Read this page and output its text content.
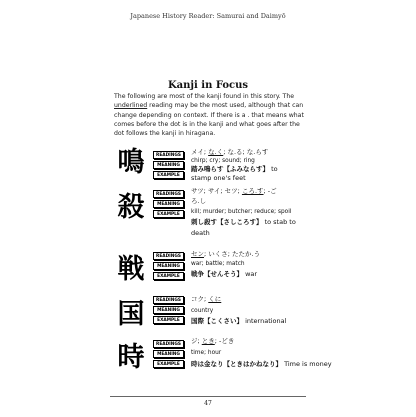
Japanese History Reader: Samurai and Daimyō
Kanji in Focus
The following are most of the kanji found in this story. The underlined reading may be the most used, although that can change depending on context. If there is a . that means what comes before the dot is in the kanji and what goes after the dot follows the kanji in hiragana.
鳴	READINGS
MEANING
EXAMPLE
メイ; な.く; な.る; な.らす
chirp; cry; sound; ring
踏み鳴らす【ふみならす】 to
stamp one's feet
殺	READINGS
MEANING
EXAMPLE
サツ; サイ; セツ; ころ.す; -ご
ろ.し
kill; murder; butcher; reduce; spoil
刺し殺す【さしころす】 to stab to
death
戦	READINGS
MEANING
EXAMPLE
セン; いくさ; たたか.う
war; battle; match
戦争【せんそう】 war
国	READINGS
MEANING
EXAMPLE
コク; くに
country
国際【こくさい】 international
時	READINGS
MEANING
EXAMPLE
ジ; とき; -どき
time; hour
時は金なり【ときはかねなり】 Time is money
47
